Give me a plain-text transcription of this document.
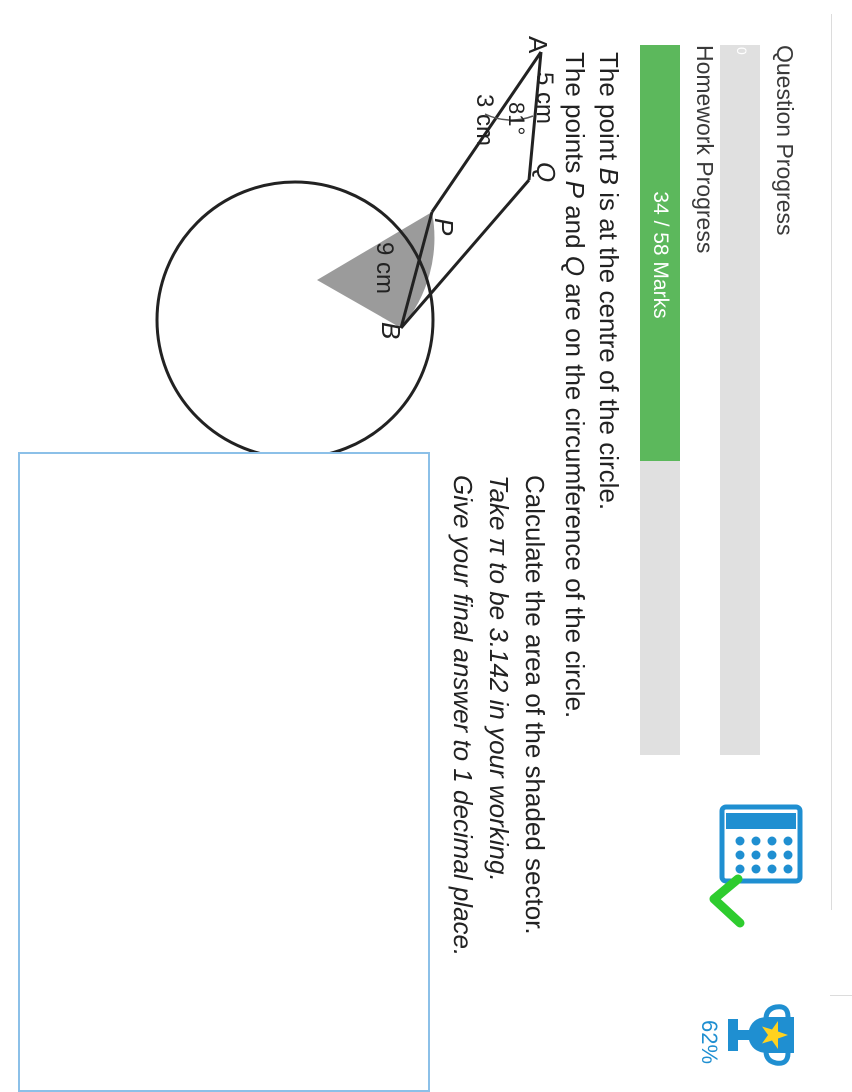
Question Progress
0
Homework Progress
34 / 58 Marks
62%
The point B is at the centre of the circle.
The points P and Q are on the circumference of the circle.
A
P
Q
B
3 cm 5 cm
9 cm
81°
Calculate the area of the shaded sector.
Take π to be 3.142 in your working.
Give your final answer to 1 decimal place.
